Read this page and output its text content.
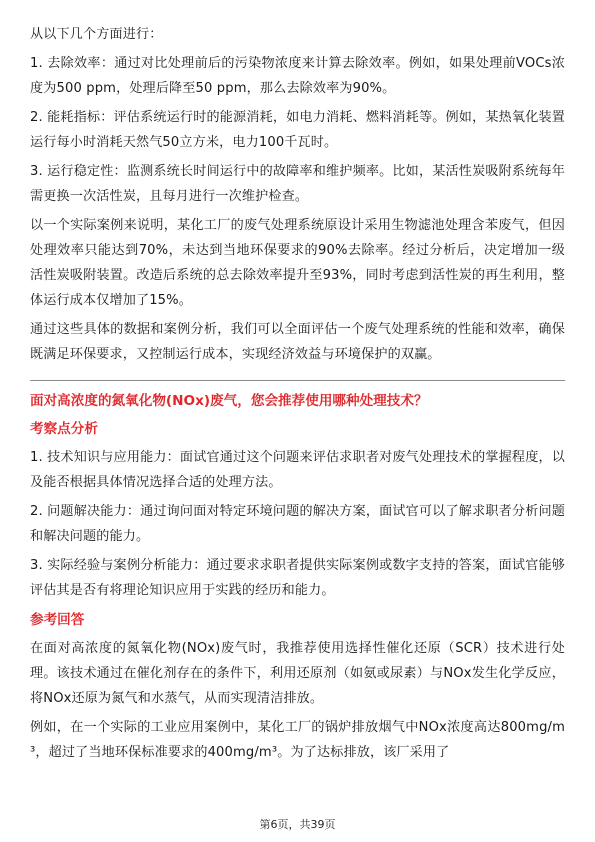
从以下几个方面进行：

1. 去除效率：通过对比处理前后的污染物浓度来计算去除效率。例如，如果处理前VOCs浓度为500 ppm，处理后降至50 ppm，那么去除效率为90%。

2. 能耗指标：评估系统运行时的能源消耗，如电力消耗、燃料消耗等。例如，某热氧化装置运行每小时消耗天然气50立方米，电力100千瓦时。

3. 运行稳定性：监测系统长时间运行中的故障率和维护频率。比如，某活性炭吸附系统每年需更换一次活性炭，且每月进行一次维护检查。

以一个实际案例来说明，某化工厂的废气处理系统原设计采用生物滤池处理含苯废气，但因处理效率只能达到70%，未达到当地环保要求的90%去除率。经过分析后，决定增加一级活性炭吸附装置。改造后系统的总去除效率提升至93%，同时考虑到活性炭的再生利用，整体运行成本仅增加了15%。

通过这些具体的数据和案例分析，我们可以全面评估一个废气处理系统的性能和效率，确保既满足环保要求，又控制运行成本，实现经济效益与环境保护的双赢。

面对高浓度的氮氧化物(NOx)废气，您会推荐使用哪种处理技术？
考察点分析

1. 技术知识与应用能力：面试官通过这个问题来评估求职者对废气处理技术的掌握程度，以及能否根据具体情况选择合适的处理方法。

2. 问题解决能力：通过询问面对特定环境问题的解决方案，面试官可以了解求职者分析问题和解决问题的能力。

3. 实际经验与案例分析能力：通过要求求职者提供实际案例或数字支持的答案，面试官能够评估其是否有将理论知识应用于实践的经历和能力。

参考回答

在面对高浓度的氮氧化物(NOx)废气时，我推荐使用选择性催化还原（SCR）技术进行处理。该技术通过在催化剂存在的条件下，利用还原剂（如氨或尿素）与NOx发生化学反应，将NOx还原为氮气和水蒸气，从而实现清洁排放。

例如，在一个实际的工业应用案例中，某化工厂的锅炉排放烟气中NOx浓度高达800mg/m³，超过了当地环保标准要求的400mg/m³。为了达标排放，该厂采用了

第6页，共39页
